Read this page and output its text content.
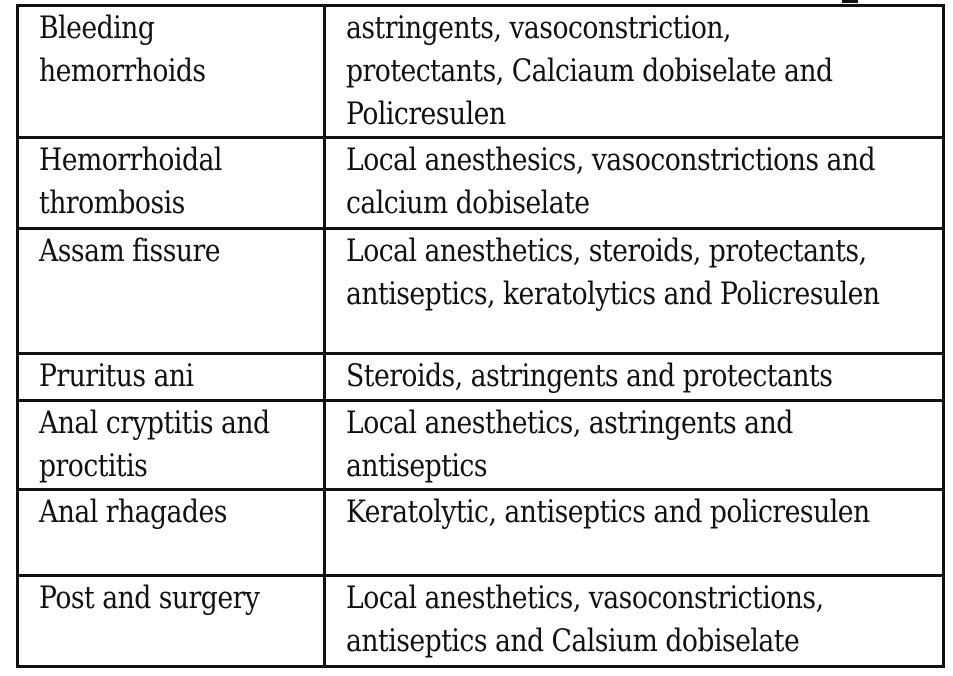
Bleeding
hemorrhoids	astringents, vasoconstriction,
protectants, Calciaum dobiselate and
Policresulen

Hemorrhoidal
thrombosis	Local anesthesics, vasoconstrictions and
calcium dobiselate

Assam fissure	Local anesthetics, steroids, protectants,
antiseptics, keratolytics and Policresulen

Pruritus ani	Steroids, astringents and protectants

Anal cryptitis and
proctitis	Local anesthetics, astringents and
antiseptics

Anal rhagades	Keratolytic, antiseptics and policresulen

Post and surgery	Local anesthetics, vasoconstrictions,
antiseptics and Calsium dobiselate
